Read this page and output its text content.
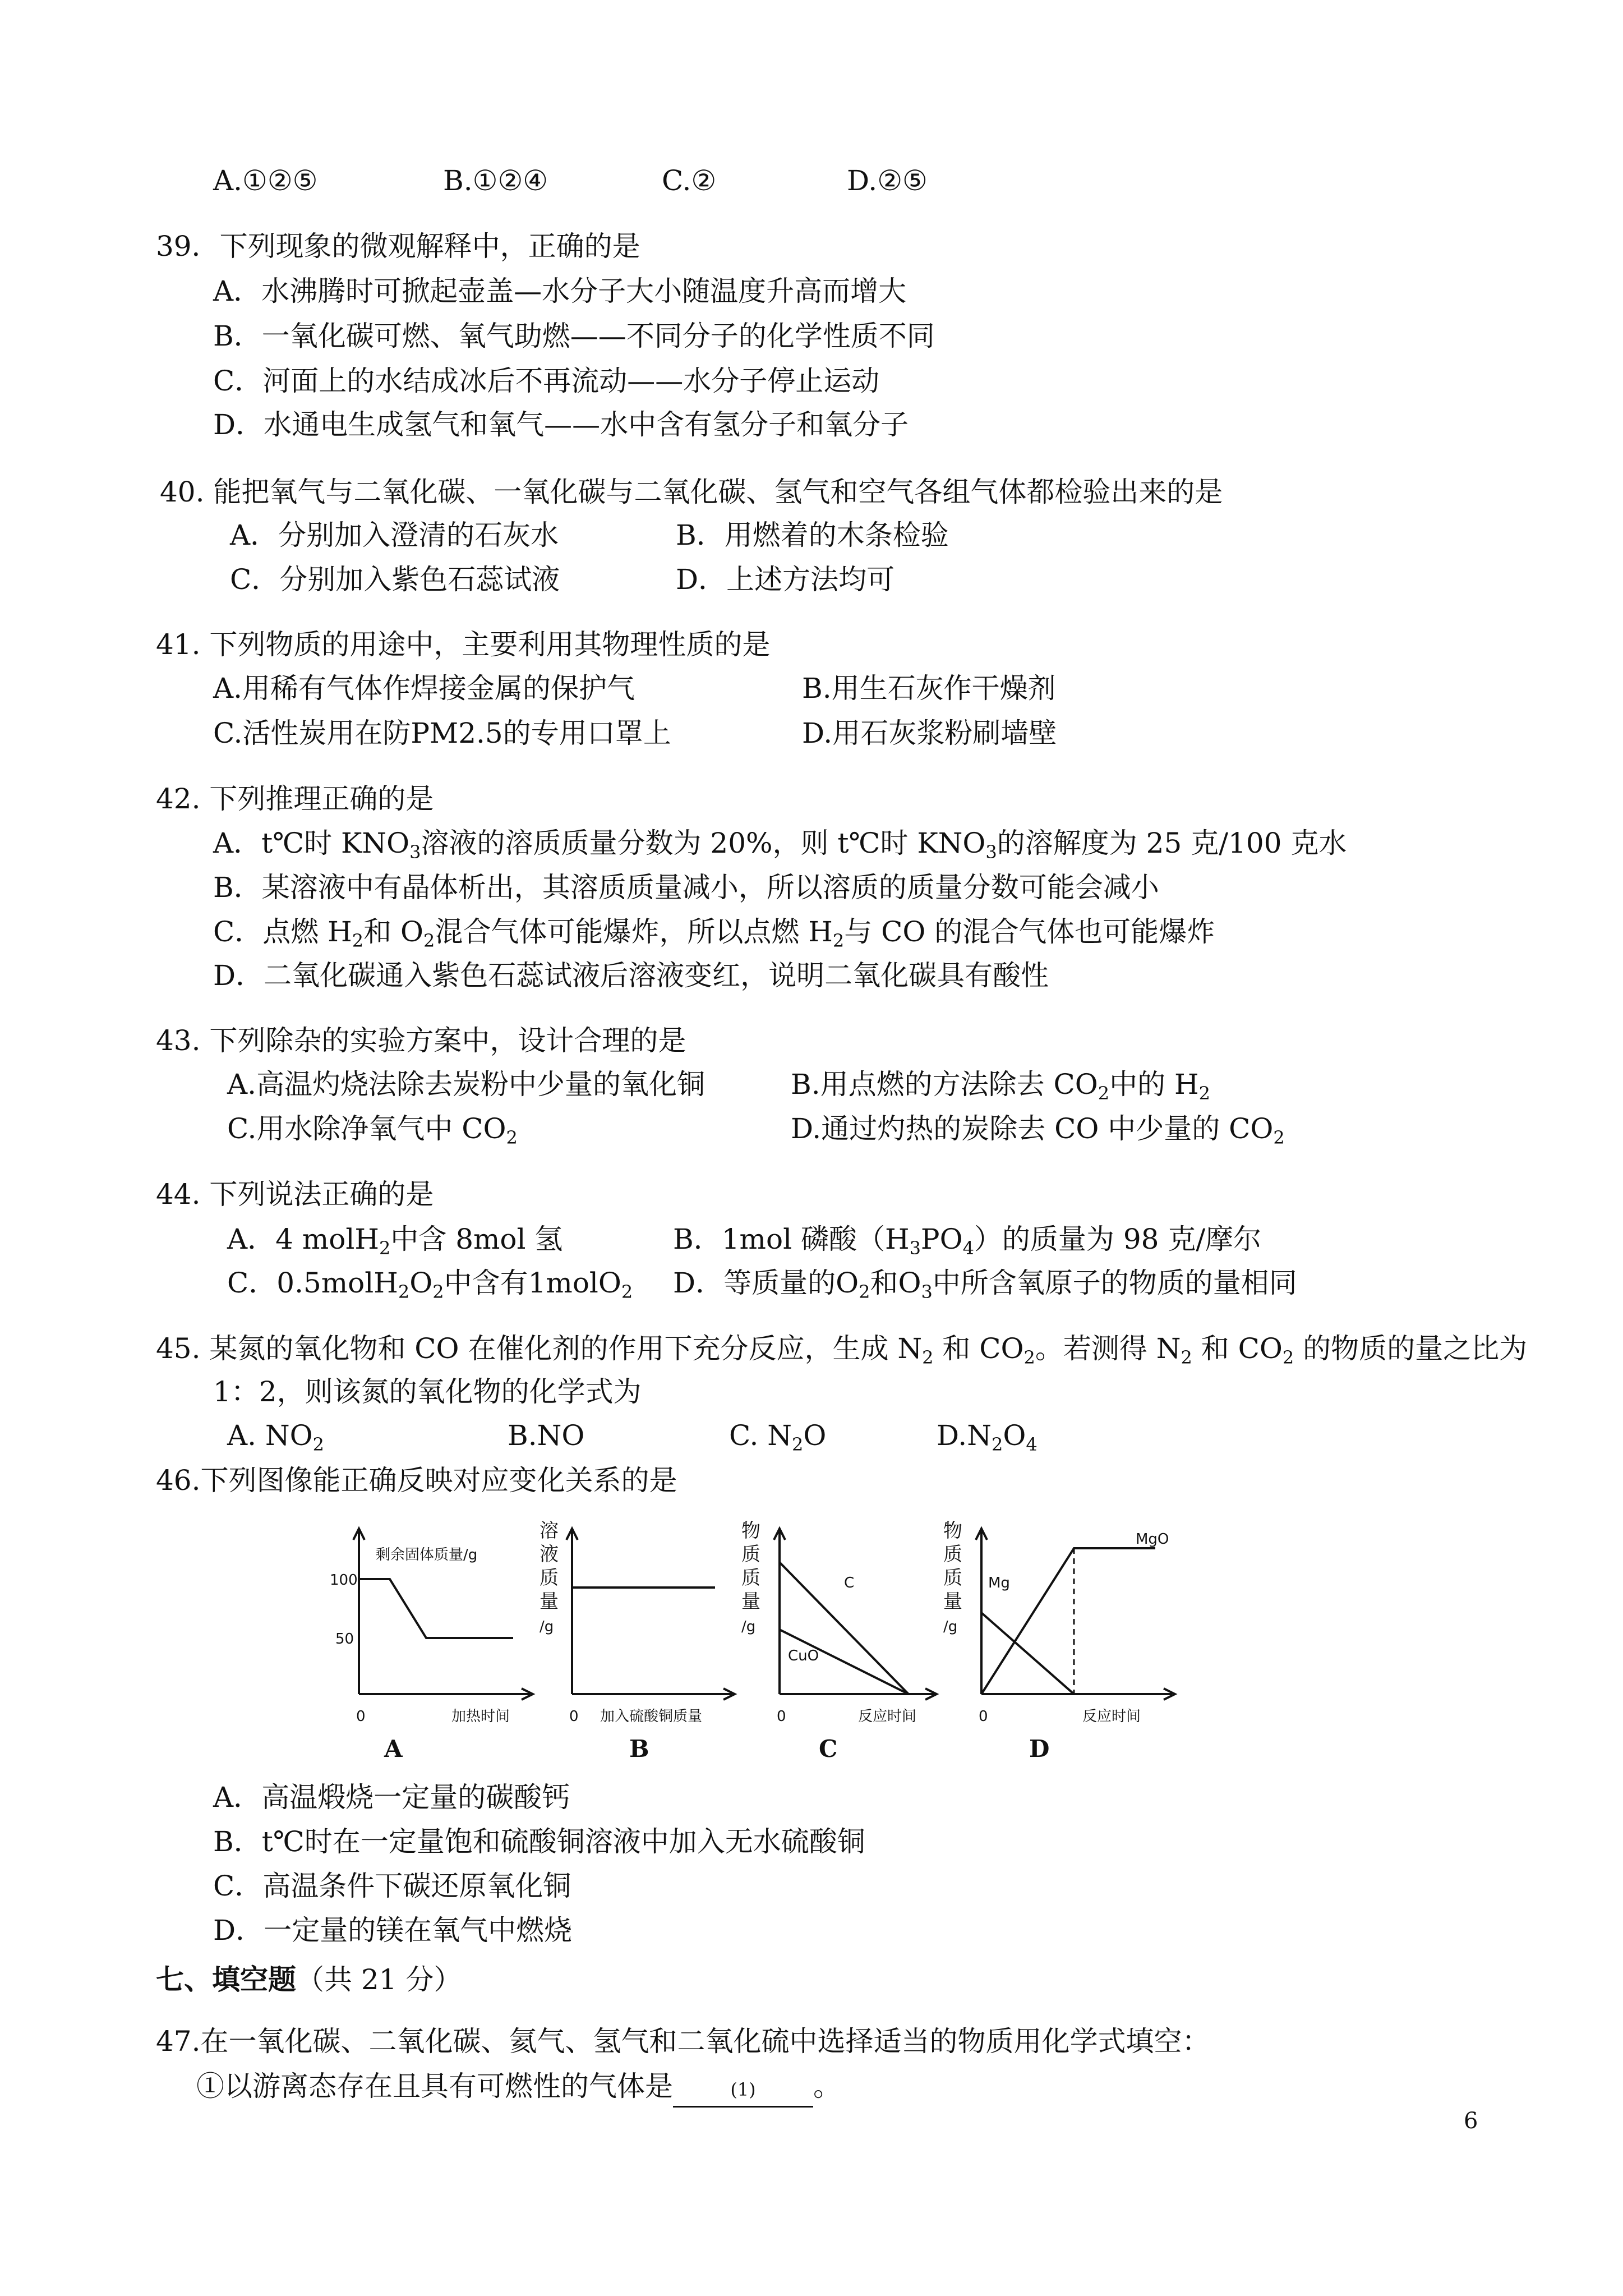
A.①②⑤	B.①②④	C.②	D.②⑤
39．下列现象的微观解释中，正确的是
A．水沸腾时可掀起壶盖—水分子大小随温度升高而增大
B．一氧化碳可燃、氧气助燃——不同分子的化学性质不同
C．河面上的水结成冰后不再流动——水分子停止运动
D．水通电生成氢气和氧气——水中含有氢分子和氧分子
40. 能把氧气与二氧化碳、一氧化碳与二氧化碳、氢气和空气各组气体都检验出来的是
A．分别加入澄清的石灰水	B．用燃着的木条检验
C．分别加入紫色石蕊试液	D．上述方法均可
41. 下列物质的用途中，主要利用其物理性质的是
A.用稀有气体作焊接金属的保护气	B.用生石灰作干燥剂
C.活性炭用在防PM2.5的专用口罩上	D.用石灰浆粉刷墙壁
42. 下列推理正确的是
A．t℃时 $KNO_3$溶液的溶质质量分数为 20%，则 t℃时 $KNO_3$的溶解度为 25 克/100 克水
B．某溶液中有晶体析出，其溶质质量减小，所以溶质的质量分数可能会减小
C．点燃 $H_2$和 $O_2$混合气体可能爆炸，所以点燃 $H_2$与 CO 的混合气体也可能爆炸
D．二氧化碳通入紫色石蕊试液后溶液变红，说明二氧化碳具有酸性
43. 下列除杂的实验方案中，设计合理的是
A.高温灼烧法除去炭粉中少量的氧化铜	B.用点燃的方法除去 $CO_2$中的 $H_2$
C.用水除净氧气中 $CO_2$	D.通过灼热的炭除去 CO 中少量的 $CO_2$
44. 下列说法正确的是
A．4 molH$_2$中含 8mol 氢	B．1mol 磷酸$(H_3PO_4)$的质量为 98 克/摩尔
C．$0.5molH_2O_2$中含有1molO$_2$ D．等质量的$O_2$和$O_3$中所含氧原子的物质的量相同
45. 某氮的氧化物和 CO 在催化剂的作用下充分反应，生成 $N_2$ 和 $CO_2$。若测得 $N_2$ 和 $CO_2$ 的物质的量之比为
1：2，则该氮的氧化物的化学式为
A. $NO_2$	B.NO	C. $N_2O$	$D.N_2O_4$
46.下列图像能正确反映对应变化关系的是
剩余固体质量/g
100
50
0	加热时间
A
溶
液
质
量
/g
0 加入硫酸铜质量
B
物
质
质
量
/g
C
CuO
0	反应时间
C
物
质
质
量
/g
Mg
MgO
0	反应时间
D
A．高温煅烧一定量的碳酸钙
B．t℃时在一定量饱和硫酸铜溶液中加入无水硫酸铜
C．高温条件下碳还原氧化铜
D．一定量的镁在氧气中燃烧
七、填空题（共 21 分）
47.在一氧化碳、二氧化碳、氦气、氢气和二氧化硫中选择适当的物质用化学式填空：
①以游离态存在且具有可燃性的气体是	(1) 。
6
